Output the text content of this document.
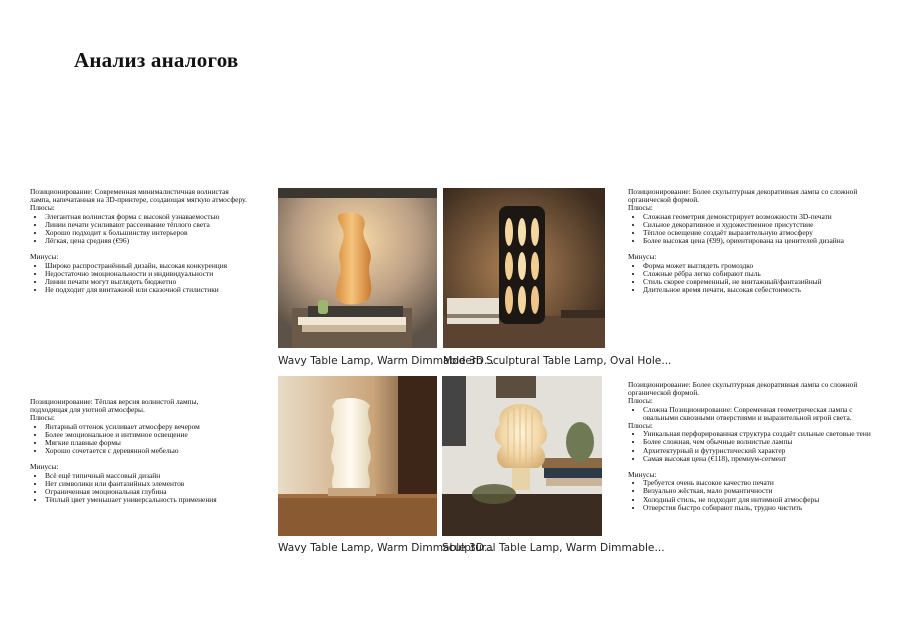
Анализ аналогов

Позиционирование: Современная минималистичная волнистая лампа, напечатанная на 3D-принтере, создающая мягкую атмосферу.

Плюсы:

• Элегантная волнистая форма с высокой узнаваемостью
• Линии печати усиливают рассеивание тёплого света
• Хорошо подходит к большинству интерьеров
• Лёгкая, цена средняя (€96)

Минусы:

• Широко распространённый дизайн, высокая конкуренция
• Недостаточно эмоциональности и индивидуальности
• Линии печати могут выглядеть бюджетно
• Не подходит для винтажной или сказочной стилистики

Позиционирование: Более скульптурная декоративная лампа со сложной органической формой.

Плюсы:

• Сложная геометрия демонстрирует возможности 3D-печати
• Сильное декоративное и художественное присутствие
• Тёплое освещение создаёт выразительную атмосферу
• Более высокая цена (€99), ориентирована на ценителей дизайна

Минусы:

• Форма может выглядеть громоздко
• Сложные рёбра легко собирают пыль
• Стиль скорее современный, не винтажный/фантазийный
• Длительное время печати, высокая себестоимость

Позиционирование: Тёплая версия волнистой лампы, подходящая для уютной атмосферы.

Плюсы:

• Янтарный оттенок усиливает атмосферу вечером
• Более эмоциональное и интимное освещение
• Мягкие плавные формы
• Хорошо сочетается с деревянной мебелью

Минусы:

• Всё ещё типичный массовый дизайн
• Нет символики или фантазийных элементов
• Ограниченная эмоциональная глубина
• Тёплый цвет уменьшает универсальность применения

Позиционирование: Более скульптурная декоративная лампа со сложной органической формой.

Плюсы:

• Сложна Позиционирование: Современная геометрическая лампа с овальными сквозными отверстиями и выразительной игрой света.

Плюсы:

• Уникальная перфорированная структура создаёт сильные световые тени
• Более сложная, чем обычные волнистые лампы
• Архитектурный и футуристический характер
• Самая высокая цена (€118), премиум-сегмент

Минусы:

• Требуется очень высокое качество печати
• Визуально жёсткая, мало романтичности
• Холодный стиль, не подходит для интимной атмосферы
• Отверстия быстро собирают пыль, трудно чистить
Wavy Table Lamp, Warm Dimmable 3D...
Modern Sculptural Table Lamp, Oval Hole...
Wavy Table Lamp, Warm Dimmable 3D...
Sculptural Table Lamp, Warm Dimmable...
